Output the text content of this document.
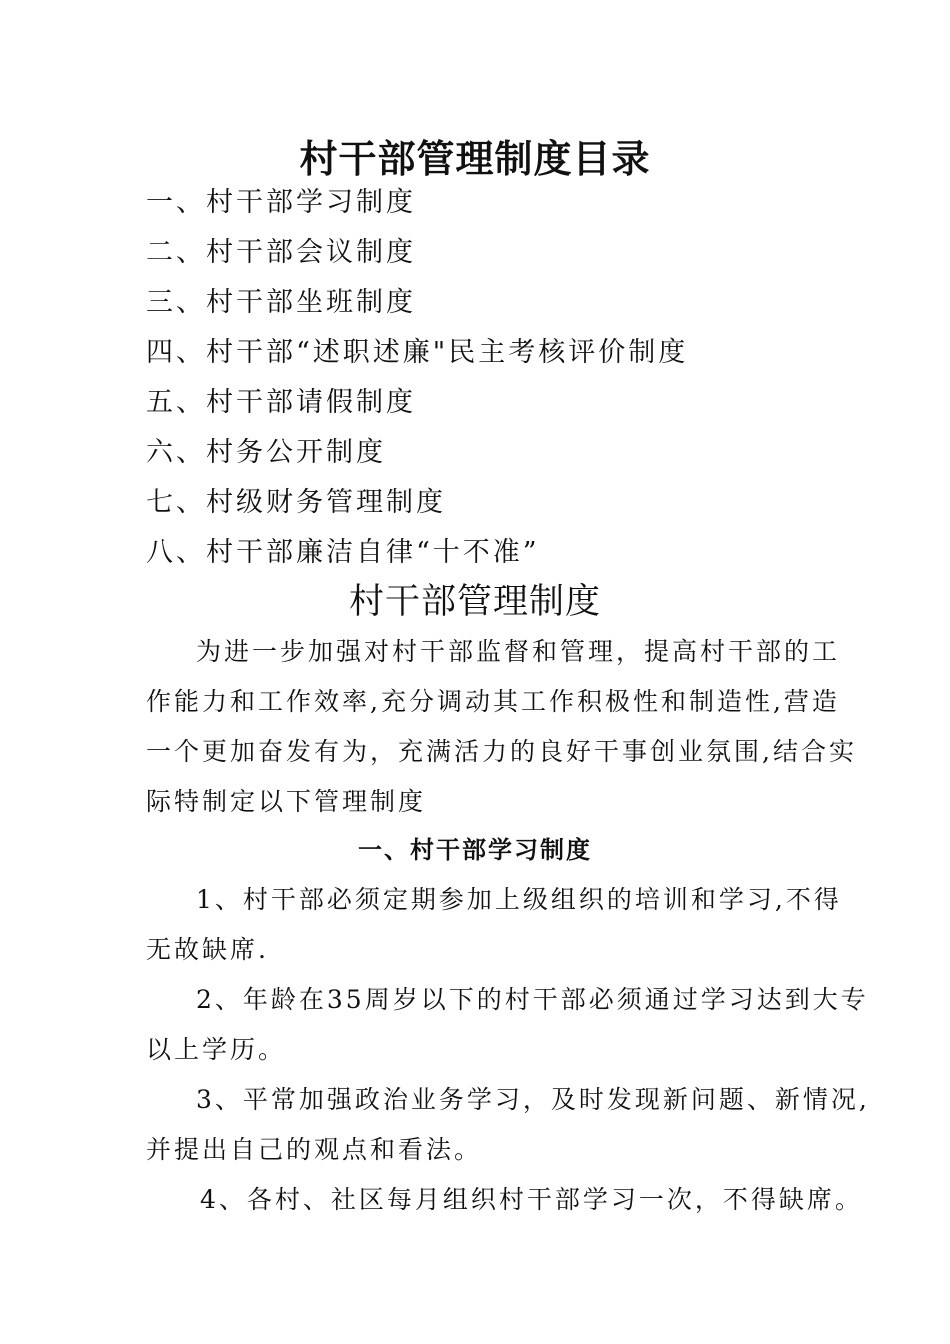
村干部管理制度目录
一、村干部学习制度
二、村干部会议制度
三、村干部坐班制度
四、村干部“述职述廉"民主考核评价制度
五、村干部请假制度
六、村务公开制度
七、村级财务管理制度
八、村干部廉洁自律“十不准”
村干部管理制度
为进一步加强对村干部监督和管理，提高村干部的工
作能力和工作效率,充分调动其工作积极性和制造性,营造
一个更加奋发有为，充满活力的良好干事创业氛围,结合实
际特制定以下管理制度
一、村干部学习制度
1、村干部必须定期参加上级组织的培训和学习,不得
无故缺席.
2、年龄在35周岁以下的村干部必须通过学习达到大专
以上学历。
3、平常加强政治业务学习，及时发现新问题、新情况,
并提出自己的观点和看法。
4、各村、社区每月组织村干部学习一次，不得缺席。
